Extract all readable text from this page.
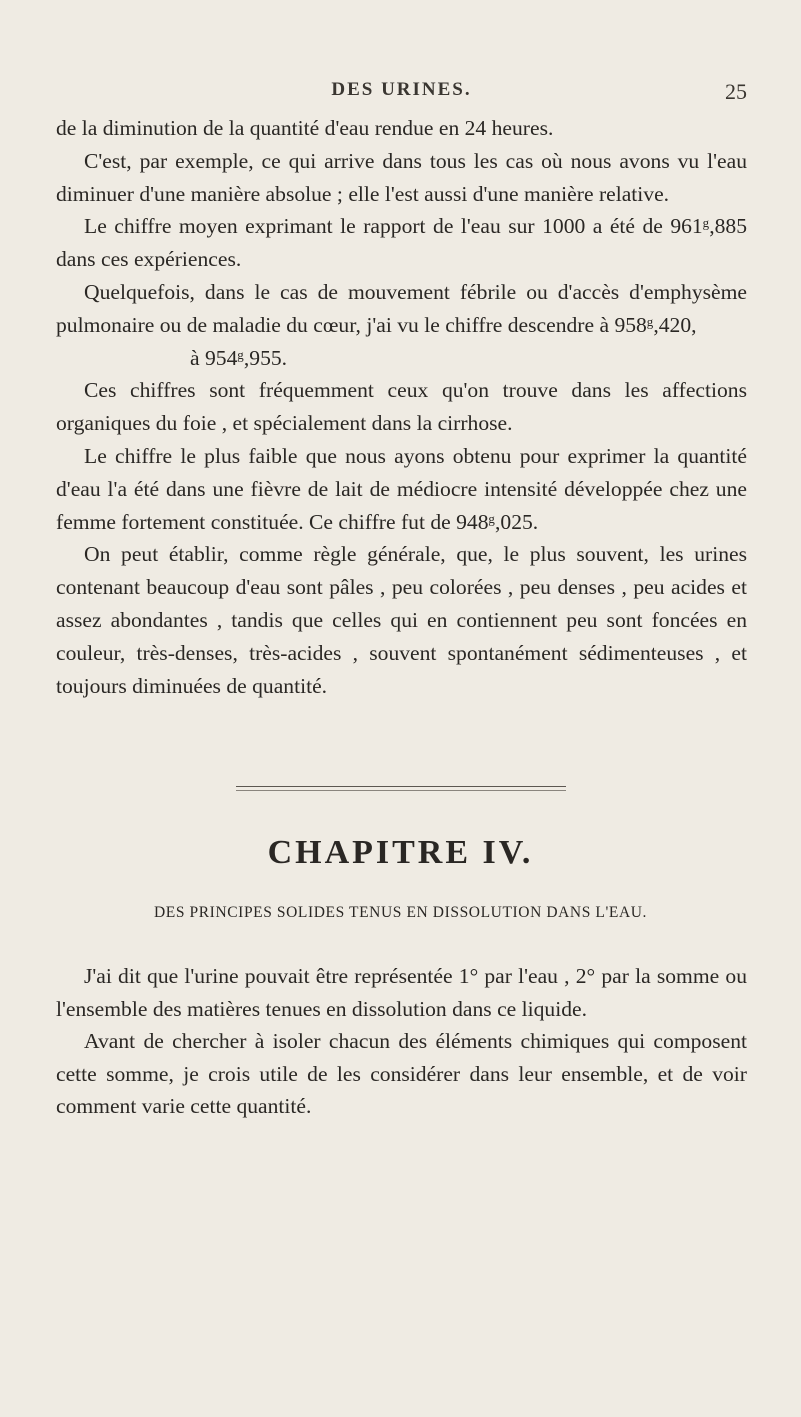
DES URINES.	25

de la diminution de la quantité d'eau rendue en 24 heures.

C'est, par exemple, ce qui arrive dans tous les cas où nous avons vu l'eau diminuer d'une manière absolue ; elle l'est aussi d'une manière relative.

Le chiffre moyen exprimant le rapport de l'eau sur 1000 a été de 961ᵍ,885 dans ces expériences.

Quelquefois, dans le cas de mouvement fébrile ou d'accès d'emphysème pulmonaire ou de maladie du cœur, j'ai vu le chiffre descendre à 958ᵍ,420,

à 954ᵍ,955.

Ces chiffres sont fréquemment ceux qu'on trouve dans les affections organiques du foie , et spécialement dans la cirrhose.

Le chiffre le plus faible que nous ayons obtenu pour exprimer la quantité d'eau l'a été dans une fièvre de lait de médiocre intensité développée chez une femme fortement constituée. Ce chiffre fut de 948ᵍ,025.

On peut établir, comme règle générale, que, le plus souvent, les urines contenant beaucoup d'eau sont pâles , peu colorées , peu denses , peu acides et assez abondantes , tandis que celles qui en contiennent peu sont foncées en couleur, très-denses, très-acides , souvent spontanément sédimenteuses , et toujours diminuées de quantité.

CHAPITRE IV.
DES PRINCIPES SOLIDES TENUS EN DISSOLUTION DANS L'EAU.

J'ai dit que l'urine pouvait être représentée 1° par l'eau , 2° par la somme ou l'ensemble des matières tenues en dissolution dans ce liquide.

Avant de chercher à isoler chacun des éléments chimiques qui composent cette somme, je crois utile de les considérer dans leur ensemble, et de voir comment varie cette quantité.
